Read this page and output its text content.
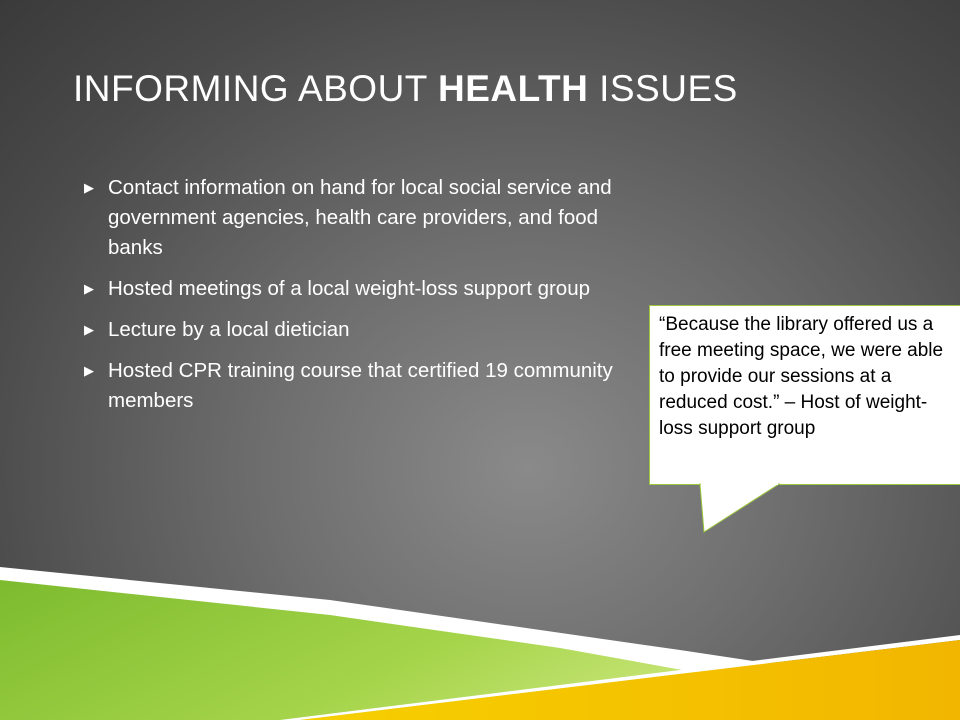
INFORMING ABOUT HEALTH ISSUES
▶ Contact information on hand for local social service and government agencies, health care providers, and food banks
▶ Hosted meetings of a local weight-loss support group
▶ Lecture by a local dietician
▶ Hosted CPR training course that certified 19 community members
“Because the library offered us a free meeting space, we were able to provide our sessions at a reduced cost.” – Host of weight-loss support group
